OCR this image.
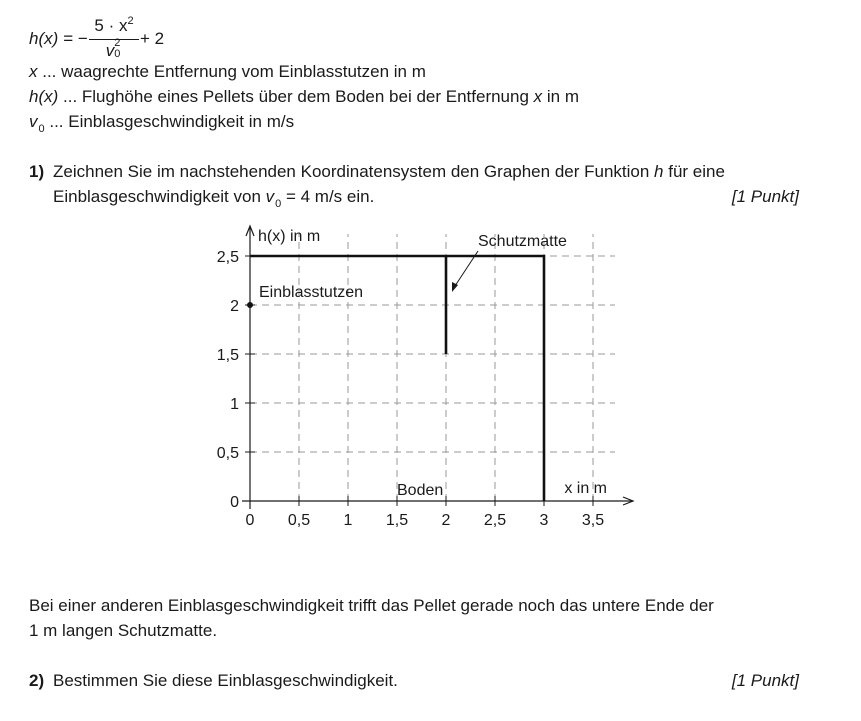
h(x) = −
$5 \cdot x^2$
v 2
0
+ 2
x ... waagrechte Entfernung vom Einblasstutzen in m
h(x) ... Flughöhe eines Pellets über dem Boden bei der Entfernung x in m
$v_0$ ... Einblasgeschwindigkeit in m/s
1) Zeichnen Sie im nachstehenden Koordinatensystem den Graphen der Funktion h für eine
Einblasgeschwindigkeit von $v_0 = 4$ m/s ein.	[1 Punkt]
0 0,5 1 1,5 2 2,5 3 3,5
0
0,5
1
1,5
2
2,5
h(x) in m
x in m
Einblasstutzen
Schutzmatte
Boden
Bei einer anderen Einblasgeschwindigkeit trifft das Pellet gerade noch das untere Ende der
1 m langen Schutzmatte.
2) Bestimmen Sie diese Einblasgeschwindigkeit.	[1 Punkt]
